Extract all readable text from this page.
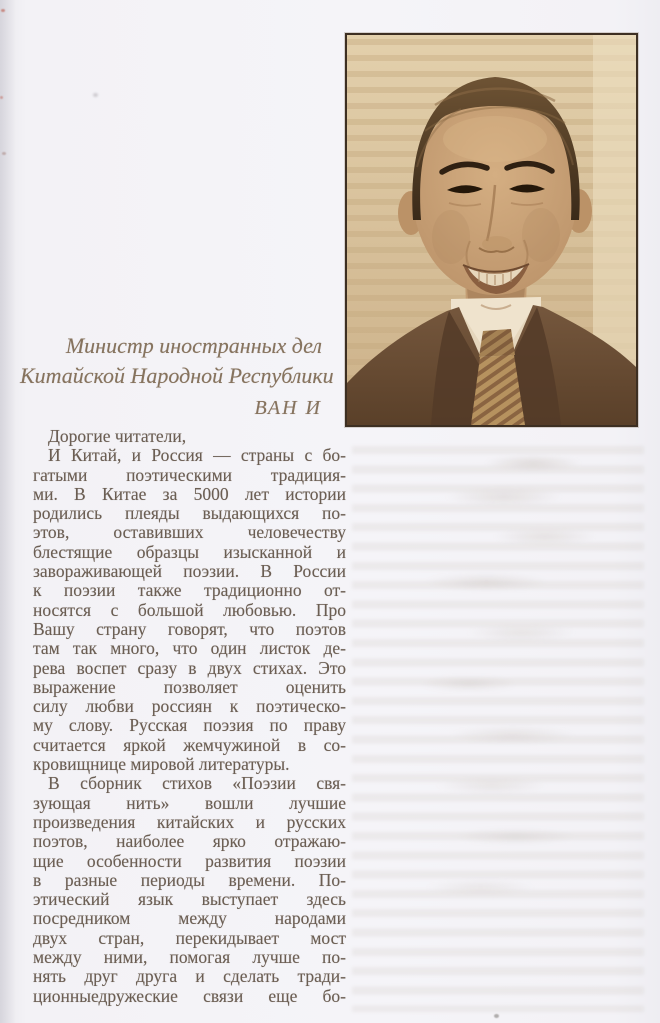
Министр иностранных дел
Китайской Народной Республики
ВАН И
Дорогие читатели,
И Китай, и Россия — страны с бо-
гатыми поэтическими традиция-
ми. В Китае за 5000 лет истории
родились плеяды выдающихся по-
этов, оставивших человечеству
блестящие образцы изысканной и
завораживающей поэзии. В России
к поэзии также традиционно от-
носятся с большой любовью. Про
Вашу страну говорят, что поэтов
там так много, что один листок де-
рева воспет сразу в двух стихах. Это
выражение позволяет оценить
силу любви россиян к поэтическо-
му слову. Русская поэзия по праву
считается яркой жемчужиной в со-
кровищнице мировой литературы.
В сборник стихов «Поэзии свя-
зующая нить» вошли лучшие
произведения китайских и русских
поэтов, наиболее ярко отражаю-
щие особенности развития поэзии
в разные периоды времени. По-
этический язык выступает здесь
посредником между народами
двух стран, перекидывает мост
между ними, помогая лучше по-
нять друг друга и сделать тради-
ционныедружеские связи еще бо-
